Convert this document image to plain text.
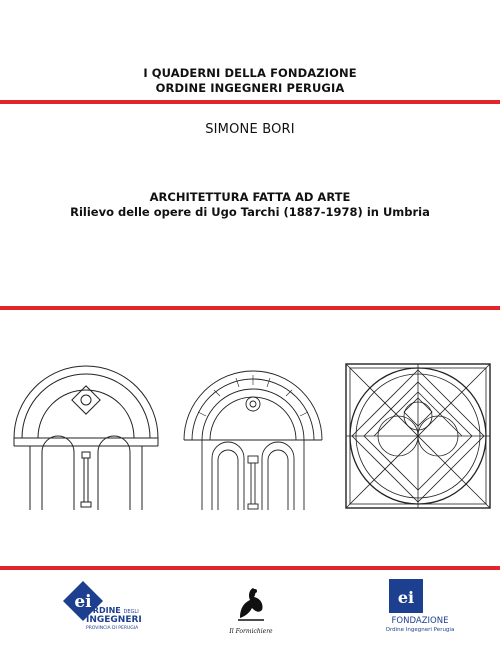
I QUADERNI DELLA FONDAZIONE
ORDINE INGEGNERI PERUGIA
SIMONE BORI
ARCHITETTURA FATTA AD ARTE
Rilievo delle opere di Ugo Tarchi (1887-1978) in Umbria
ei
ORDINE DEGLI
INGEGNERI
PROVINCIA DI PERUGIA	Il Formichiere
ei
FONDAZIONE
Ordine Ingegneri Perugia
